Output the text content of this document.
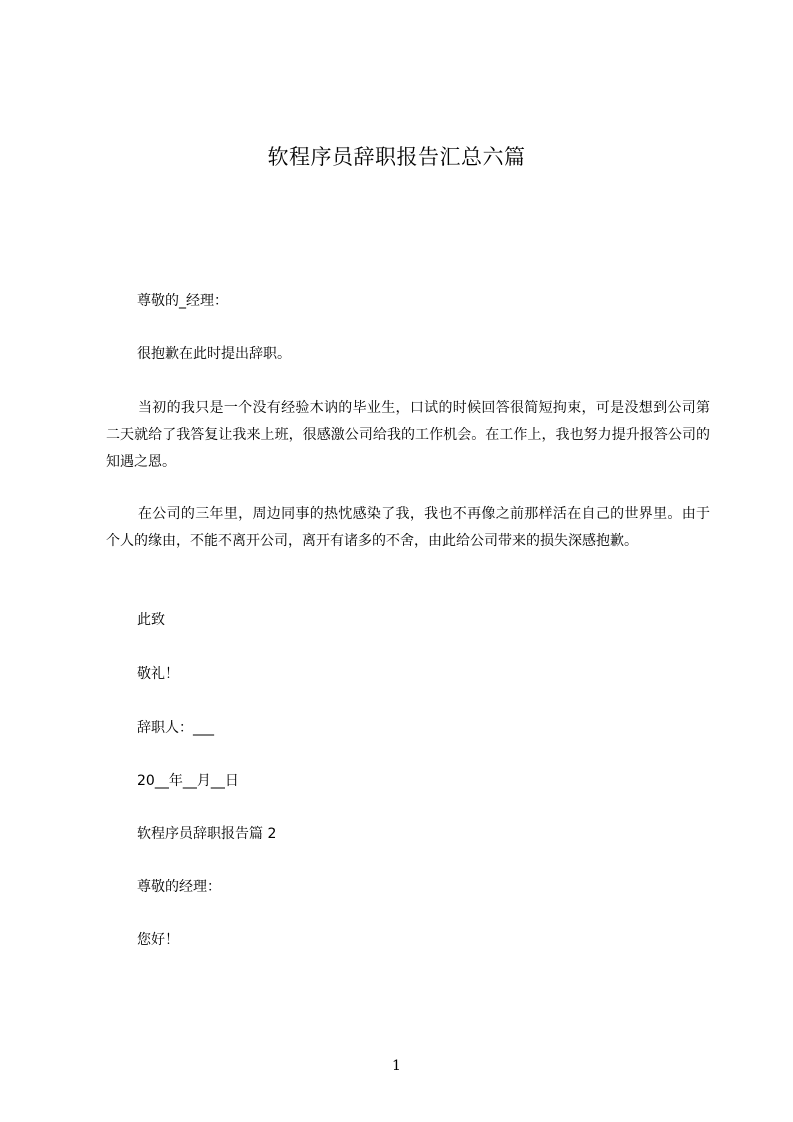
软程序员辞职报告汇总六篇
尊敬的_经理：
很抱歉在此时提出辞职。
当初的我只是一个没有经验木讷的毕业生，口试的时候回答很简短拘束，可是没想到公司第二天就给了我答复让我来上班，很感激公司给我的工作机会。在工作上，我也努力提升报答公司的知遇之恩。
在公司的三年里，周边同事的热忱感染了我，我也不再像之前那样活在自己的世界里。由于个人的缘由，不能不离开公司，离开有诸多的不舍，由此给公司带来的损失深感抱歉。
此致
敬礼！
辞职人：___
20__年__月__日
软程序员辞职报告篇 2
尊敬的经理：
您好！
1
